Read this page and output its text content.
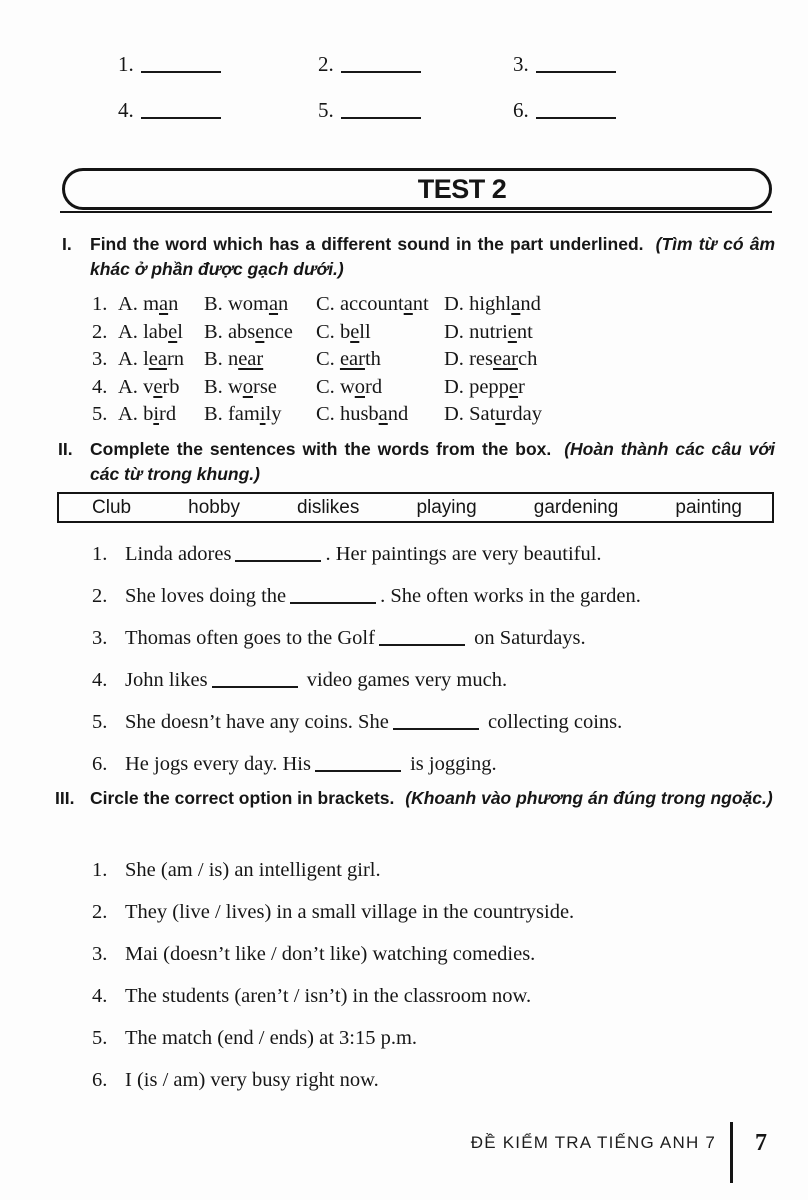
1.	2.	3.
4.	5.	6.
TEST 2
I. Find the word which has a different sound in the part underlined. (Tìm từ có âm khác ở phần được gạch dưới.)
1. A. man	B. woman	C. accountant D. highland
2. A. label	B. absence	C. bell	D. nutrient
3. A. learn B. near	C. earth	D. research
4. A. verb	B. worse	C. word	D. pepper
5. A. bird	B. family	C. husband	D. Saturday
II. Complete the sentences with the words from the box. (Hoàn thành các câu với các từ trong khung.)
Club	hobby	dislikes	playing	gardening	painting
1. Linda adores	. Her paintings are very beautiful.
2. She loves doing the	. She often works in the garden.
3. Thomas often goes to the Golf	on Saturdays.
4. John likes	video games very much.
5. She doesn’t have any coins. She	collecting coins.
6. He jogs every day. His	is jogging.
III. Circle the correct option in brackets. (Khoanh vào phương án đúng trong ngoặc.)
1. She (am / is) an intelligent girl.
2. They (live / lives) in a small village in the countryside.
3. Mai (doesn’t like / don’t like) watching comedies.
4. The students (aren’t / isn’t) in the classroom now.
5. The match (end / ends) at 3:15 p.m.
6. I (is / am) very busy right now.
ĐỀ KIỂM TRA TIẾNG ANH 7	7
